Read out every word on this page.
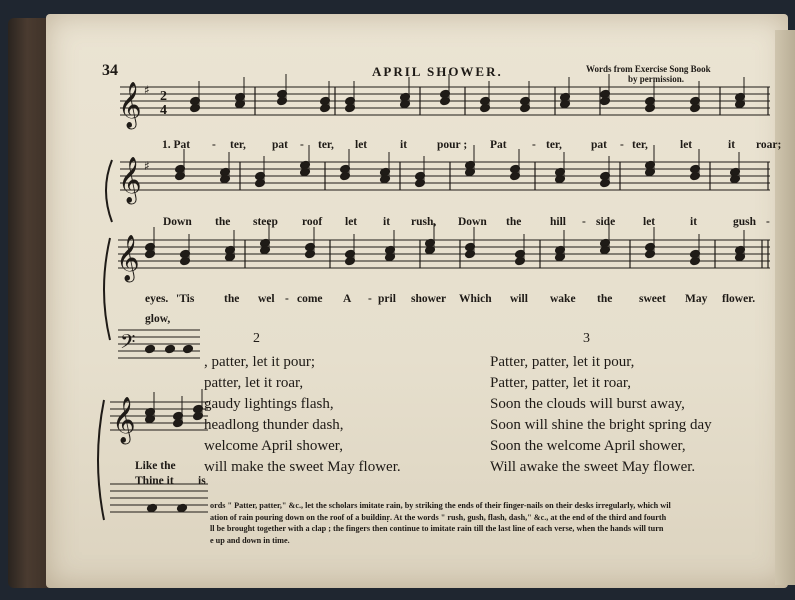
𝄞 2
4
♯
𝄞 ♯
𝄞
𝄢
𝄞
34	APRIL SHOWER.	Words from Exercise Song Book
by permission.
1. Pat - ter, pat - ter, let	it	pour ; Pat - ter,	pat - ter,	let	it roar;
Down the steep roof let it rush, Down the hill - side let	it	gush -
eyes. 'Tis	the wel - come A - pril shower Which will wake the sweet May flower.
glow,
Like the
Thine it is
2	3
, patter, let it pour;
patter, let it roar,
gaudy lightings flash,
headlong thunder dash,
welcome April shower,
will make the sweet May flower.
Patter, patter, let it pour,
Patter, patter, let it roar,
Soon the clouds will burst away,
Soon will shine the bright spring day
Soon the welcome April shower,
Will awake the sweet May flower.
ords " Patter, patter," &c., let the scholars imitate rain, by striking the ends of their finger-nails on their desks irregularly, which wil
ation of rain pouring down on the roof of a buildinṛ. At the words " rush, gush, flash, dash," &c., at the end of the third and fourth
ll be brought together with a clap ; the fingers then continue to imitate rain till the last line of each verse, when the hands will turn
e up and down in time.
